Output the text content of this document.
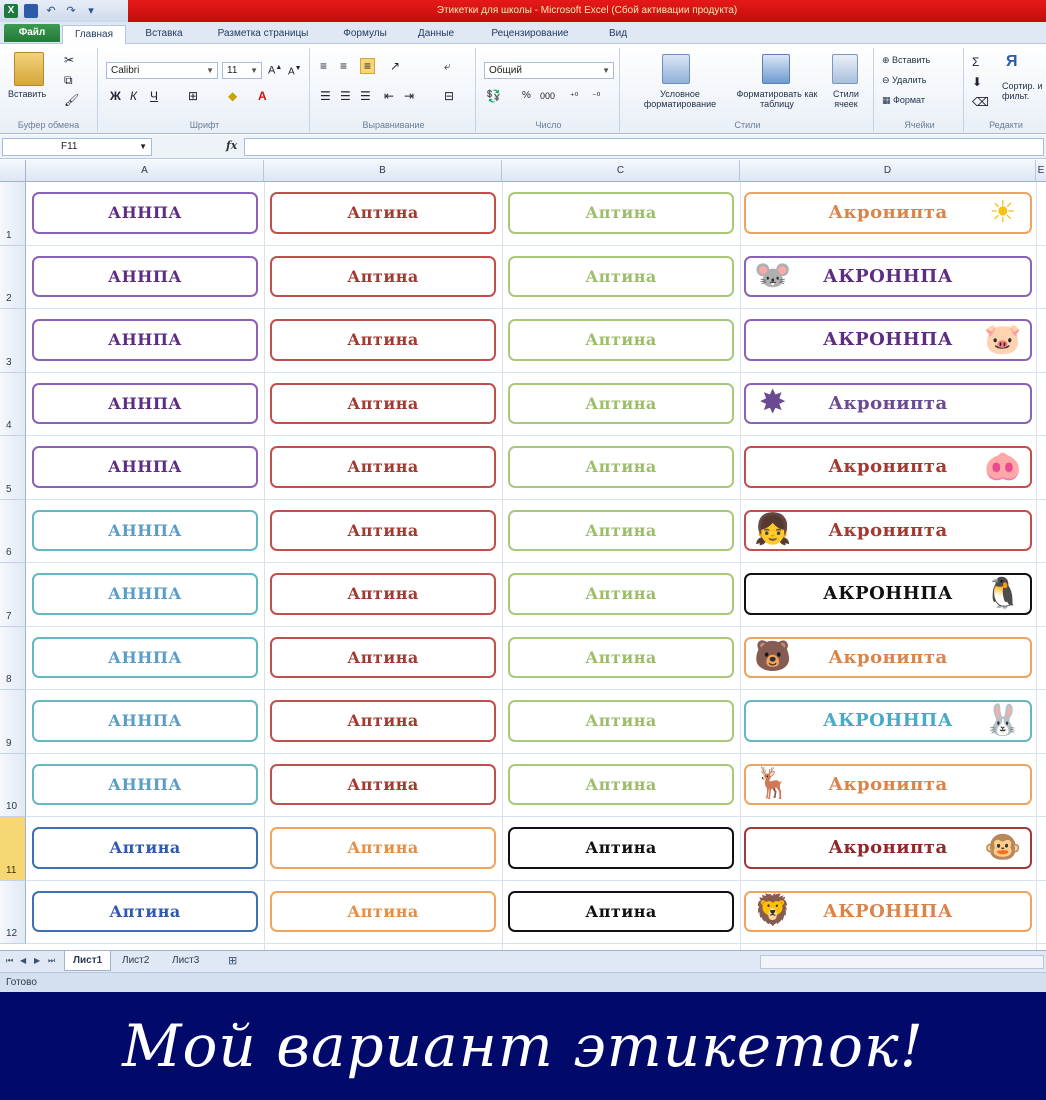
X	↶ ↷	▾	Этикетки для школы - Microsoft Excel (Сбой активации продукта)
Файл	Главная	Вставка	Разметка страницы	Формулы	Данные	Рецензирование	Вид
Вставить
✂
⧉
🖌
Буфер обмена
Calibri	▼	11 ▼ A▲ A▼
Ж К Ч	⊞ ◆ A
Шрифт
≡ ≡	≡	↗	⤶
☰ ☰ ☰ ⇤ ⇥ ⊟
Выравнивание
Общий	▼
💱 % 000 ⁺⁰ ⁻⁰
Число
Условное форматирование
Форматировать как таблицу
Стили ячеек
Стили
⊕ Вставить
⊖ Удалить
▦ Формат
Ячейки
Σ
⬇
⌫
Я
Сортир. и фильт.
Редакти
F11	▼	fx
A	B	C	D	E
1
АННПА	Аптина	Аптина	Акронипта ☀
2
АННПА	Аптина	Аптина	АКРОННПА
🐭
3
АННПА	Аптина	Аптина	АКРОННПА 🐷
4
АННПА	Аптина	Аптина	Акронипта
✸
5
АННПА	Аптина	Аптина	Акронипта 🐽
6
АННПА	Аптина	Аптина	Акронипта
👧
7
АННПА	Аптина	Аптина	АКРОННПА 🐧
8
АННПА	Аптина	Аптина	Акронипта
🐻
9
АННПА	Аптина	Аптина	АКРОННПА 🐰
10
АННПА	Аптина	Аптина	Акронипта
🦌
11
Аптина	Аптина	Аптина	Акронипта 🐵
12
Аптина	Аптина	Аптина	АКРОННПА
🦁
⏮ ◀ ▶ ⏭	Лист1	Лист2	Лист3	⊞
Готово
Мой вариант этикеток!
